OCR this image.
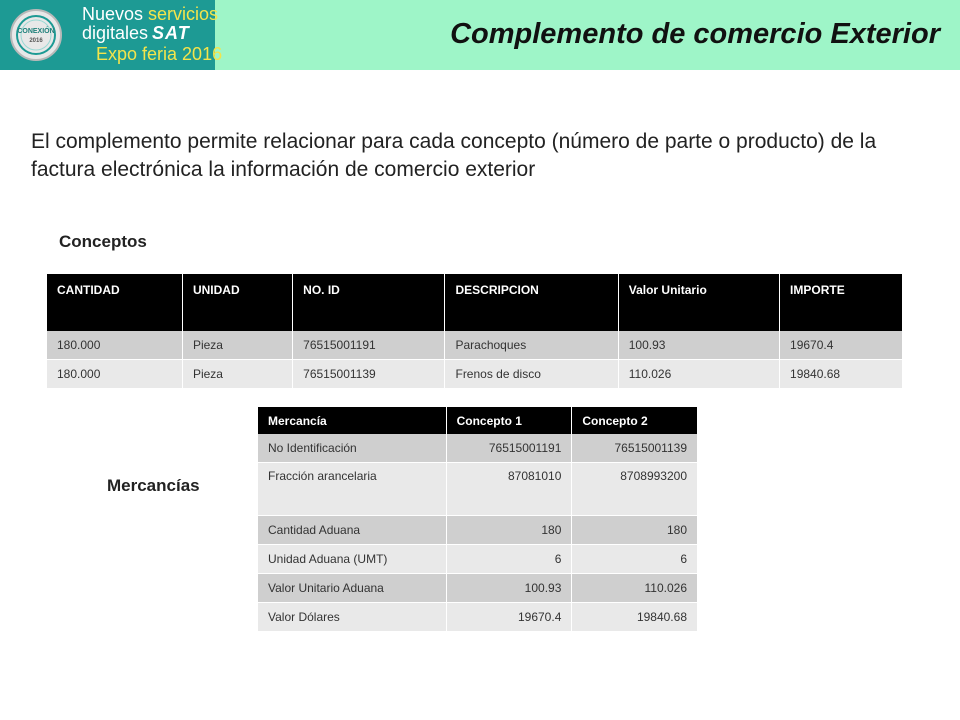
CONEXIÓN
2016
Nuevos servicios
digitales SAT
Expo feria 2016
Complemento de comercio Exterior
El complemento permite relacionar para cada concepto (número de parte o producto) de la factura electrónica la información de comercio exterior
Conceptos
CANTIDAD	UNIDAD	NO. ID	DESCRIPCION	Valor Unitario	IMPORTE
180.000	Pieza	76515001191	Parachoques	100.93	19670.4
180.000	Pieza	76515001139	Frenos de disco	110.026	19840.68
Mercancías
Mercancía	Concepto 1	Concepto 2
No Identificación	76515001191	76515001139
Fracción arancelaria	87081010	8708993200
Cantidad Aduana	180	180
Unidad Aduana (UMT)	6	6
Valor Unitario Aduana	100.93	110.026
Valor Dólares	19670.4	19840.68
